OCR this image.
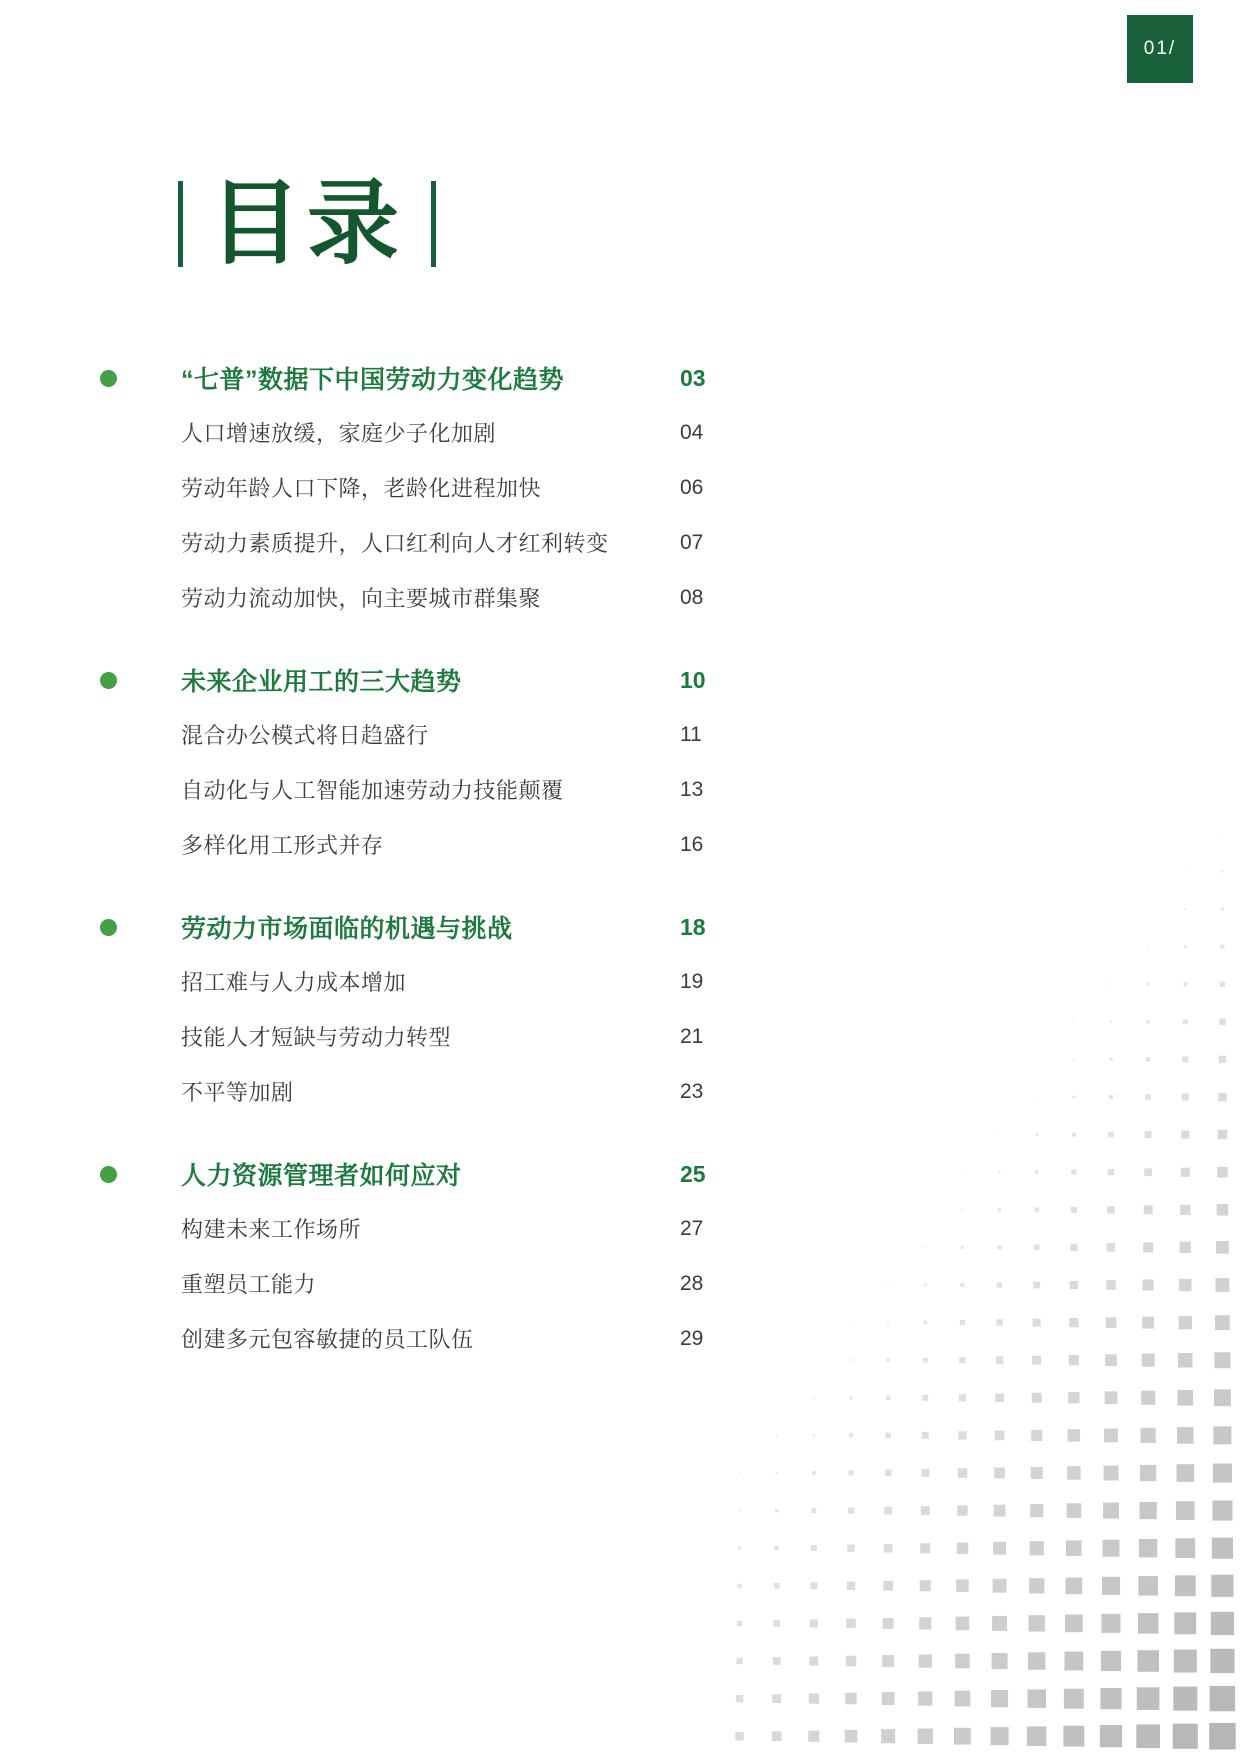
01/
目录
“七普”数据下中国劳动力变化趋势	03
人口增速放缓，家庭少子化加剧	04
劳动年龄人口下降，老龄化进程加快	06
劳动力素质提升，人口红利向人才红利转变	07
劳动力流动加快，向主要城市群集聚	08
未来企业用工的三大趋势	10
混合办公模式将日趋盛行	11
自动化与人工智能加速劳动力技能颠覆	13
多样化用工形式并存	16
劳动力市场面临的机遇与挑战	18
招工难与人力成本增加	19
技能人才短缺与劳动力转型	21
不平等加剧	23
人力资源管理者如何应对	25
构建未来工作场所	27
重塑员工能力	28
创建多元包容敏捷的员工队伍	29
